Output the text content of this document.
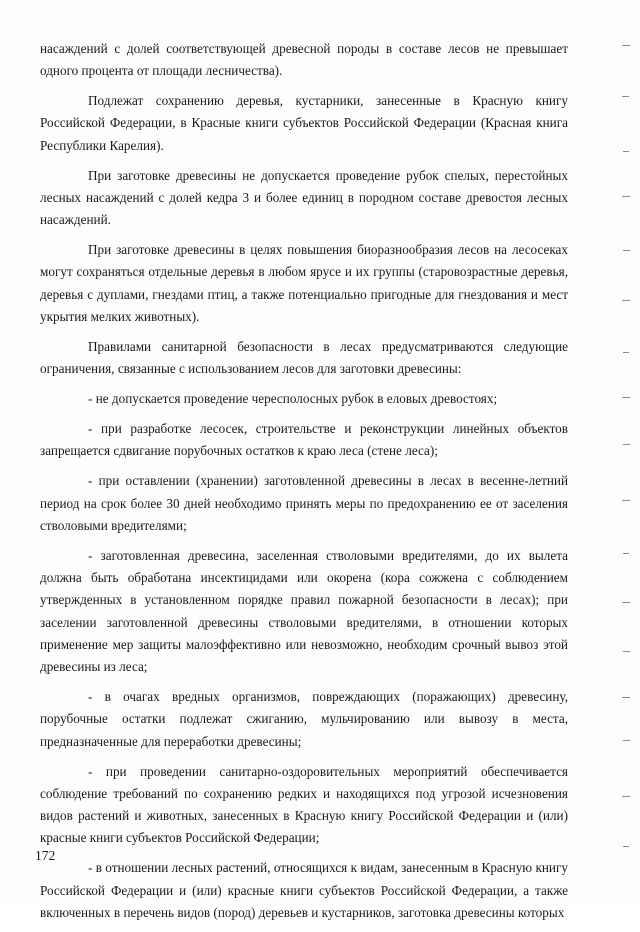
насаждений с долей соответствующей древесной породы в составе лесов не превышает одного процента от площади лесничества).

Подлежат сохранению деревья, кустарники, занесенные в Красную книгу Российской Федерации, в Красные книги субъектов Российской Федерации (Красная книга Республики Карелия).

При заготовке древесины не допускается проведение рубок спелых, перестойных лесных насаждений с долей кедра 3 и более единиц в породном составе древостоя лесных насаждений.

При заготовке древесины в целях повышения биоразнообразия лесов на лесосеках могут сохраняться отдельные деревья в любом ярусе и их группы (старовозрастные деревья, деревья с дуплами, гнездами птиц, а также потенциально пригодные для гнездования и мест укрытия мелких животных).

Правилами санитарной безопасности в лесах предусматриваются следующие ограничения, связанные с использованием лесов для заготовки древесины:

- не допускается проведение чересполосных рубок в еловых древостоях;

- при разработке лесосек, строительстве и реконструкции линейных объектов запрещается сдвигание порубочных остатков к краю леса (стене леса);

- при оставлении (хранении) заготовленной древесины в лесах в весенне-летний период на срок более 30 дней необходимо принять меры по предохранению ее от заселения стволовыми вредителями;

- заготовленная древесина, заселенная стволовыми вредителями, до их вылета должна быть обработана инсектицидами или окорена (кора сожжена с соблюдением утвержденных в установленном порядке правил пожарной безопасности в лесах); при заселении заготовленной древесины стволовыми вредителями, в отношении которых применение мер защиты малоэффективно или невозможно, необходим срочный вывоз этой древесины из леса;

- в очагах вредных организмов, повреждающих (поражающих) древесину, порубочные остатки подлежат сжиганию, мульчированию или вывозу в места, предназначенные для переработки древесины;

- при проведении санитарно-оздоровительных мероприятий обеспечивается соблюдение требований по сохранению редких и находящихся под угрозой исчезновения видов растений и животных, занесенных в Красную книгу Российской Федерации и (или) красные книги субъектов Российской Федерации;

- в отношении лесных растений, относящихся к видам, занесенным в Красную книгу Российской Федерации и (или) красные книги субъектов Российской Федерации, а также включенных в перечень видов (пород) деревьев и кустарников, заготовка древесины которых

172
